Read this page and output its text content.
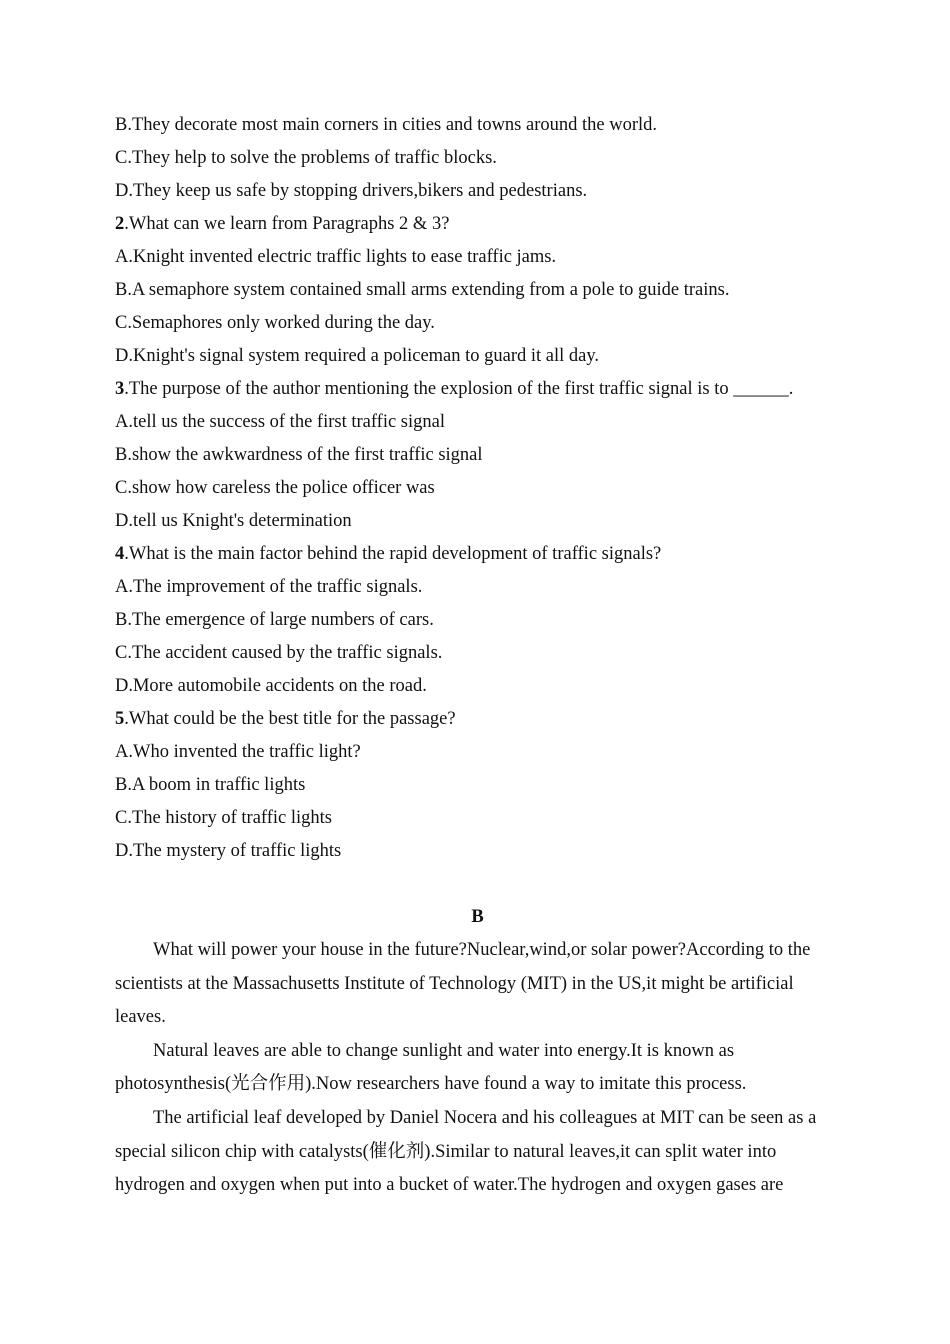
B.They decorate most main corners in cities and towns around the world.
C.They help to solve the problems of traffic blocks.
D.They keep us safe by stopping drivers,bikers and pedestrians.
2.What can we learn from Paragraphs 2 & 3?
A.Knight invented electric traffic lights to ease traffic jams.
B.A semaphore system contained small arms extending from a pole to guide trains.
C.Semaphores only worked during the day.
D.Knight's signal system required a policeman to guard it all day.
3.The purpose of the author mentioning the explosion of the first traffic signal is to ______.
A.tell us the success of the first traffic signal
B.show the awkwardness of the first traffic signal
C.show how careless the police officer was
D.tell us Knight's determination
4.What is the main factor behind the rapid development of traffic signals?
A.The improvement of the traffic signals.
B.The emergence of large numbers of cars.
C.The accident caused by the traffic signals.
D.More automobile accidents on the road.
5.What could be the best title for the passage?
A.Who invented the traffic light?
B.A boom in traffic lights
C.The history of traffic lights
D.The mystery of traffic lights
B

What will power your house in the future?Nuclear,wind,or solar power?According to the scientists at the Massachusetts Institute of Technology (MIT) in the US,it might be artificial leaves.

Natural leaves are able to change sunlight and water into energy.It is known as photosynthesis(光合作用).Now researchers have found a way to imitate this process.

The artificial leaf developed by Daniel Nocera and his colleagues at MIT can be seen as a special silicon chip with catalysts(催化剂).Similar to natural leaves,it can split water into hydrogen and oxygen when put into a bucket of water.The hydrogen and oxygen gases are
